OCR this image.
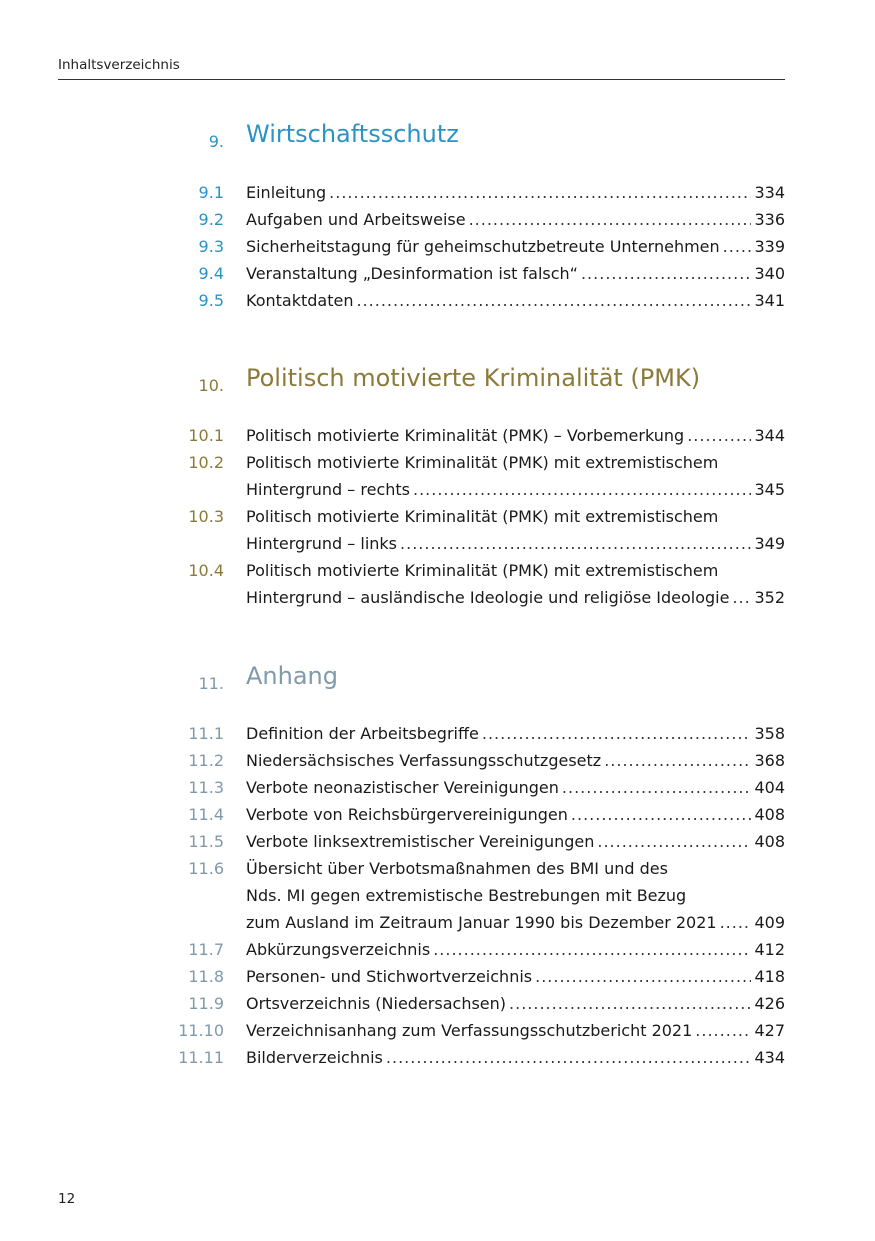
Inhaltsverzeichnis
9. Wirtschaftsschutz
9.1 Einleitung .....	334
9.2 Aufgaben und Arbeitsweise .....	336
9.3 Sicherheitstagung für geheimschutzbetreute Unternehmen ..... 339
9.4 Veranstaltung „Desinformation ist falsch“ .....	340
9.5 Kontaktdaten .....	341
10. Politisch motivierte Kriminalität (PMK)
10.1 Politisch motivierte Kriminalität (PMK) – Vorbemerkung .....	344
10.2 Politisch motivierte Kriminalität (PMK) mit extremistischem
Hintergrund – rechts .....	345
10.3 Politisch motivierte Kriminalität (PMK) mit extremistischem
Hintergrund – links .....	349
10.4 Politisch motivierte Kriminalität (PMK) mit extremistischem
Hintergrund – ausländische Ideologie und religiöse Ideologie ..... 352
11. Anhang
11.1 Definition der Arbeitsbegriffe .....	358
11.2 Niedersächsisches Verfassungsschutzgesetz .....	368
11.3 Verbote neonazistischer Vereinigungen .....	404
11.4 Verbote von Reichsbürgervereinigungen .....	408
11.5 Verbote linksextremistischer Vereinigungen .....	408
11.6 Übersicht über Verbotsmaßnahmen des BMI und des
Nds. MI gegen extremistische Bestrebungen mit Bezug
zum Ausland im Zeitraum Januar 1990 bis Dezember 2021 ..... 409
11.7 Abkürzungsverzeichnis .....	412
11.8 Personen- und Stichwortverzeichnis .....	418
11.9 Ortsverzeichnis (Niedersachsen) .....	426
11.10 Verzeichnisanhang zum Verfassungsschutzbericht 2021 .....	427
11.11 Bilderverzeichnis .....	434
12
